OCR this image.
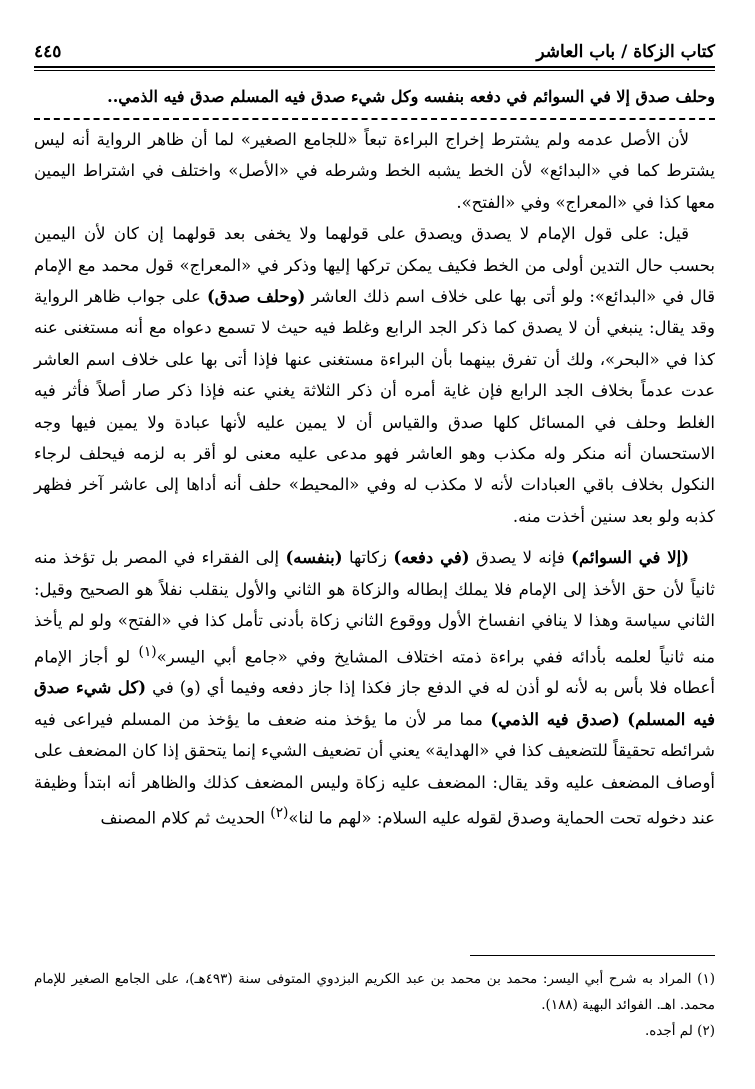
كتاب الزكاة / باب العاشر
٤٤٥
وحلف صدق إلا في السوائم في دفعه بنفسه وكل شيء صدق فيه المسلم صدق فيه الذمي..

لأن الأصل عدمه ولم يشترط إخراج البراءة تبعاً «للجامع الصغير» لما أن ظاهر الرواية أنه ليس يشترط كما في «البدائع» لأن الخط يشبه الخط وشرطه في «الأصل» واختلف في اشتراط اليمين معها كذا في «المعراج» وفي «الفتح».

قيل: على قول الإمام لا يصدق ويصدق على قولهما ولا يخفى بعد قولهما إن كان لأن اليمين بحسب حال التدين أولى من الخط فكيف يمكن تركها إليها وذكر في «المعراج» قول محمد مع الإمام قال في «البدائع»: ولو أتى بها على خلاف اسم ذلك العاشر (وحلف صدق) على جواب ظاهر الرواية وقد يقال: ينبغي أن لا يصدق كما ذكر الجد الرابع وغلط فيه حيث لا تسمع دعواه مع أنه مستغنى عنه كذا في «البحر»، ولك أن تفرق بينهما بأن البراءة مستغنى عنها فإذا أتى بها على خلاف اسم العاشر عدت عدماً بخلاف الجد الرابع فإن غاية أمره أن ذكر الثلاثة يغني عنه فإذا ذكر صار أصلاً فأثر فيه الغلط وحلف في المسائل كلها صدق والقياس أن لا يمين عليه لأنها عبادة ولا يمين فيها وجه الاستحسان أنه منكر وله مكذب وهو العاشر فهو مدعى عليه معنى لو أقر به لزمه فيحلف لرجاء النكول بخلاف باقي العبادات لأنه لا مكذب له وفي «المحيط» حلف أنه أداها إلى عاشر آخر فظهر كذبه ولو بعد سنين أخذت منه.

(إلا في السوائم) فإنه لا يصدق (في دفعه) زكاتها (بنفسه) إلى الفقراء في المصر بل تؤخذ منه ثانياً لأن حق الأخذ إلى الإمام فلا يملك إبطاله والزكاة هو الثاني والأول ينقلب نفلاً هو الصحيح وقيل: الثاني سياسة وهذا لا ينافي انفساخ الأول ووقوع الثاني زكاة بأدنى تأمل كذا في «الفتح» ولو لم يأخذ منه ثانياً لعلمه بأدائه ففي براءة ذمته اختلاف المشايخ وفي «جامع أبي اليسر»$^{(١)}$ لو أجاز الإمام أعطاه فلا بأس به لأنه لو أذن له في الدفع جاز فكذا إذا جاز دفعه وفيما أي (و) في (كل شيء صدق فيه المسلم) (صدق فيه الذمي) مما مر لأن ما يؤخذ منه ضعف ما يؤخذ من المسلم فيراعى فيه شرائطه تحقيقاً للتضعيف كذا في «الهداية» يعني أن تضعيف الشيء إنما يتحقق إذا كان المضعف على أوصاف المضعف عليه وقد يقال: المضعف عليه زكاة وليس المضعف كذلك والظاهر أنه ابتدأ وظيفة عند دخوله تحت الحماية وصدق لقوله عليه السلام: «لهم ما لنا»$^{(٢)}$ الحديث ثم كلام المصنف

(١) المراد به شرح أبي اليسر: محمد بن محمد بن عبد الكريم البزدوي المتوفى سنة (٤٩٣هـ)، على الجامع الصغير للإمام محمد. اهـ. الفوائد البهية (١٨٨).

(٢) لم أجده.
